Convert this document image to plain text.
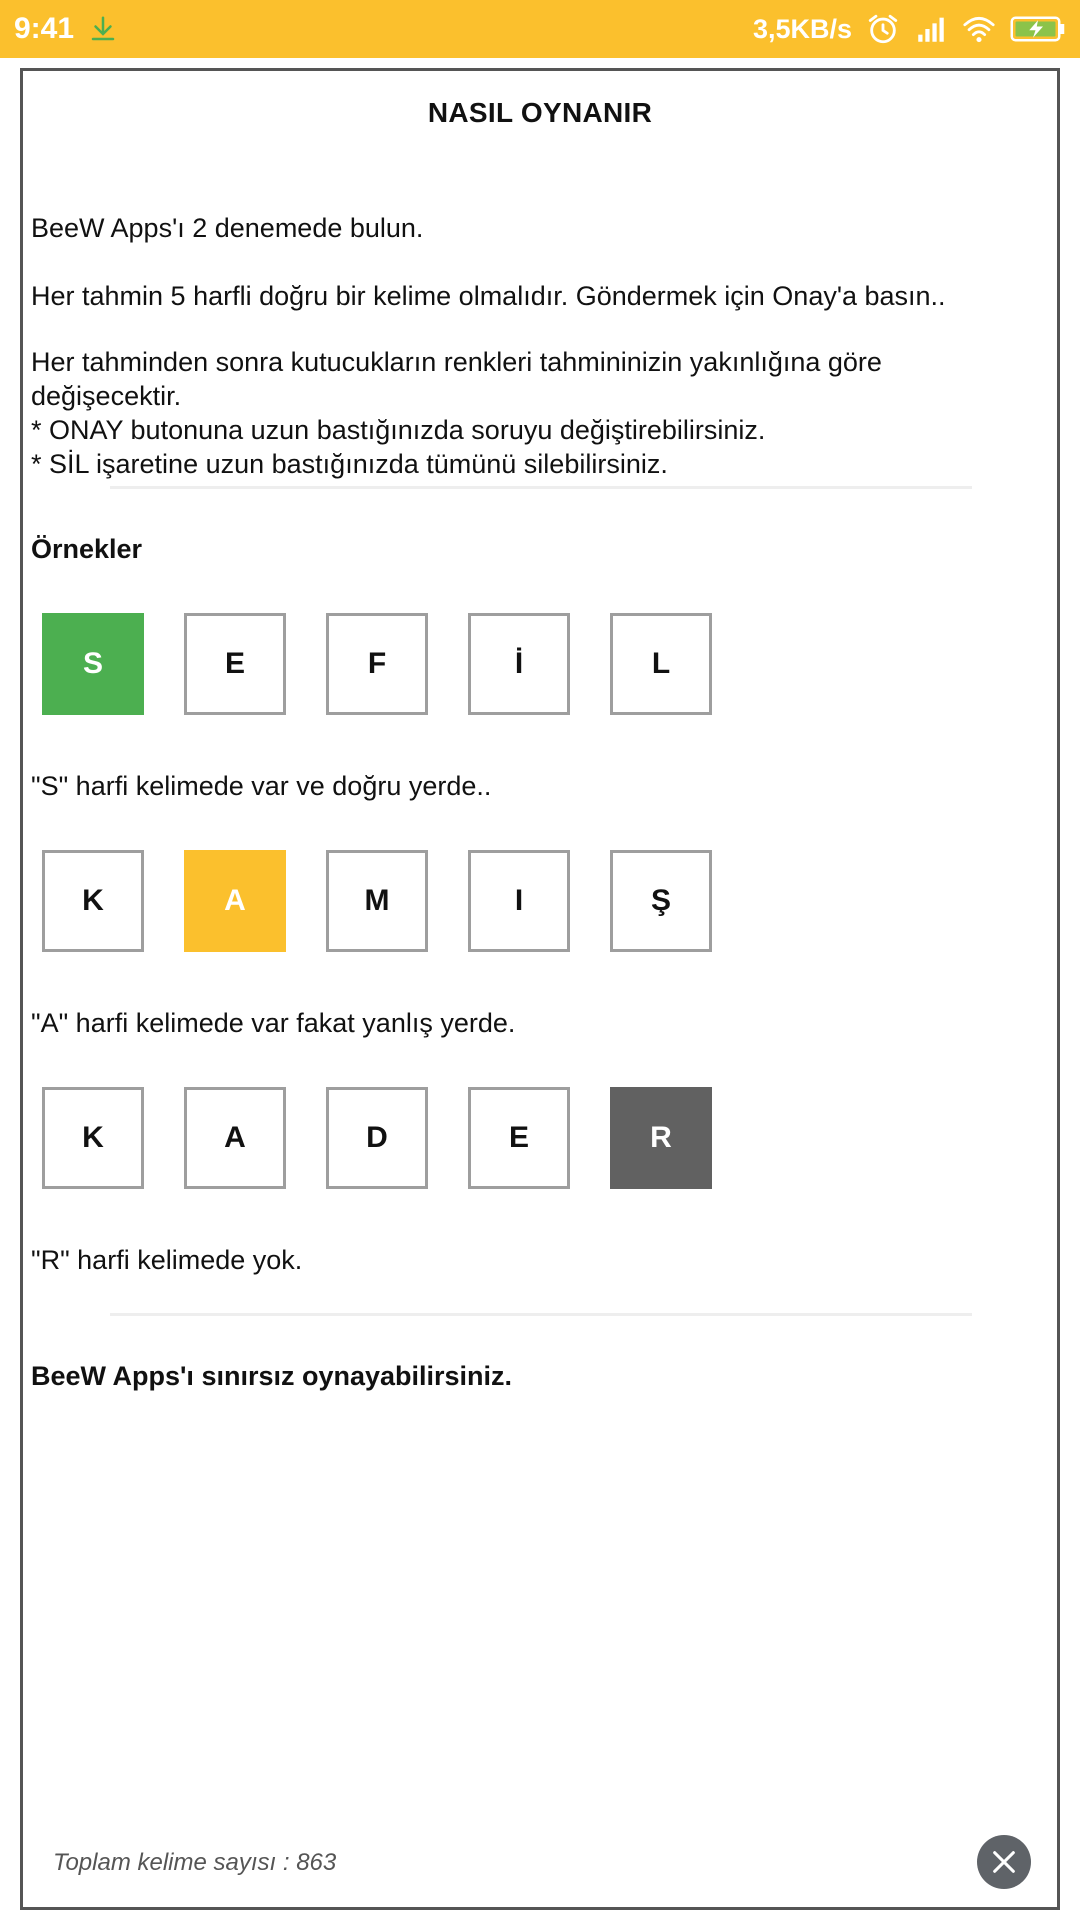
9:41	3,5KB/s
NASIL OYNANIR
BeeW Apps'ı 2 denemede bulun.
Her tahmin 5 harfli doğru bir kelime olmalıdır. Göndermek için Onay'a basın..
Her tahminden sonra kutucukların renkleri tahmininizin yakınlığına göre
değişecektir.
* ONAY butonuna uzun bastığınızda soruyu değiştirebilirsiniz.
* SİL işaretine uzun bastığınızda tümünü silebilirsiniz.
Örnekler
S	E	F	İ	L
"S" harfi kelimede var ve doğru yerde..
K	A	M	I	Ş
"A" harfi kelimede var fakat yanlış yerde.
K	A	D	E	R
"R" harfi kelimede yok.
BeeW Apps'ı sınırsız oynayabilirsiniz.
Toplam kelime sayısı : 863
